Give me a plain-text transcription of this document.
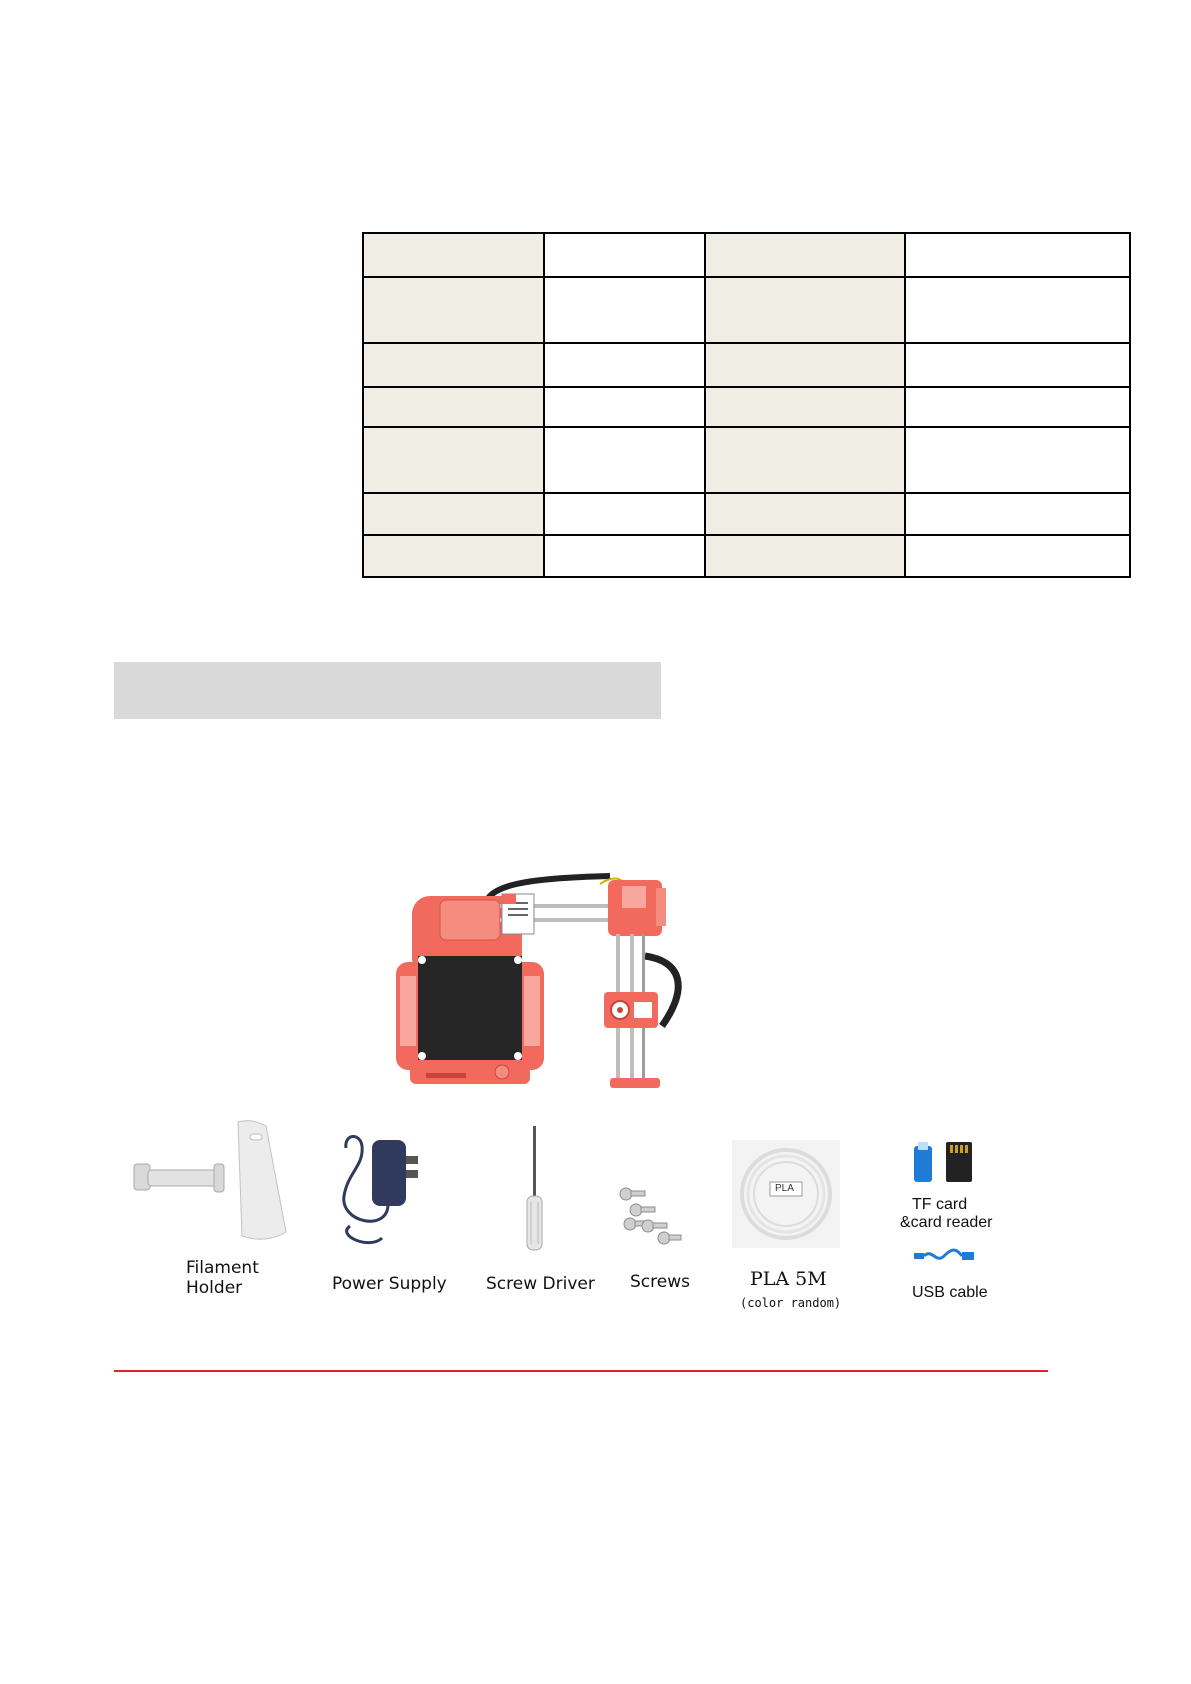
Filament
Holder	Power Supply Screw Driver Screws
PLA
PLA 5M
(color random)
TF card
&card reader
USB cable
